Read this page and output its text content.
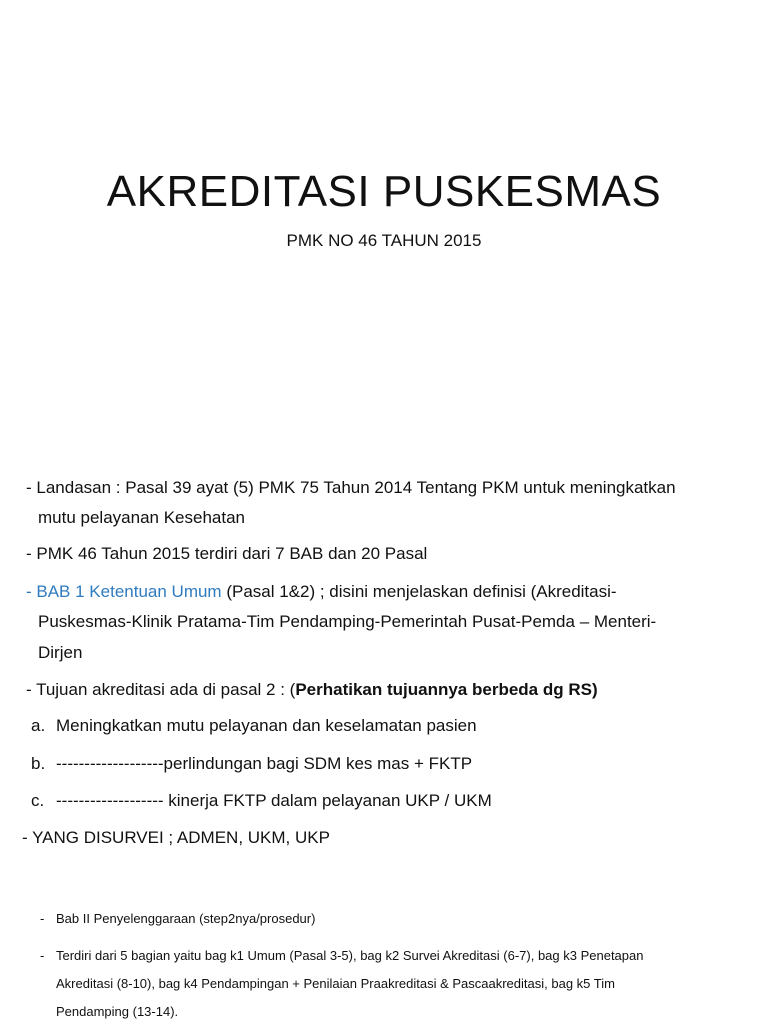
AKREDITASI PUSKESMAS
PMK NO 46 TAHUN 2015
- Landasan : Pasal 39 ayat (5) PMK 75 Tahun 2014 Tentang PKM untuk meningkatkan
mutu pelayanan Kesehatan
- PMK 46 Tahun 2015 terdiri dari 7 BAB dan 20 Pasal
- BAB 1 Ketentuan Umum (Pasal 1&2) ; disini menjelaskan definisi (Akreditasi-
Puskesmas-Klinik Pratama-Tim Pendamping-Pemerintah Pusat-Pemda – Menteri-
Dirjen
- Tujuan akreditasi ada di pasal 2 : (Perhatikan tujuannya berbeda dg RS)
a. Meningkatkan mutu pelayanan dan keselamatan pasien
b. -------------------perlindungan bagi SDM kes mas + FKTP
c. ------------------- kinerja FKTP dalam pelayanan UKP / UKM
- YANG DISURVEI ; ADMEN, UKM, UKP
- Bab II Penyelenggaraan (step2nya/prosedur)
- Terdiri dari 5 bagian yaitu bag k1 Umum (Pasal 3-5), bag k2 Survei Akreditasi (6-7), bag k3 Penetapan
Akreditasi (8-10), bag k4 Pendampingan + Penilaian Praakreditasi & Pascaakreditasi, bag k5 Tim
Pendamping (13-14).
